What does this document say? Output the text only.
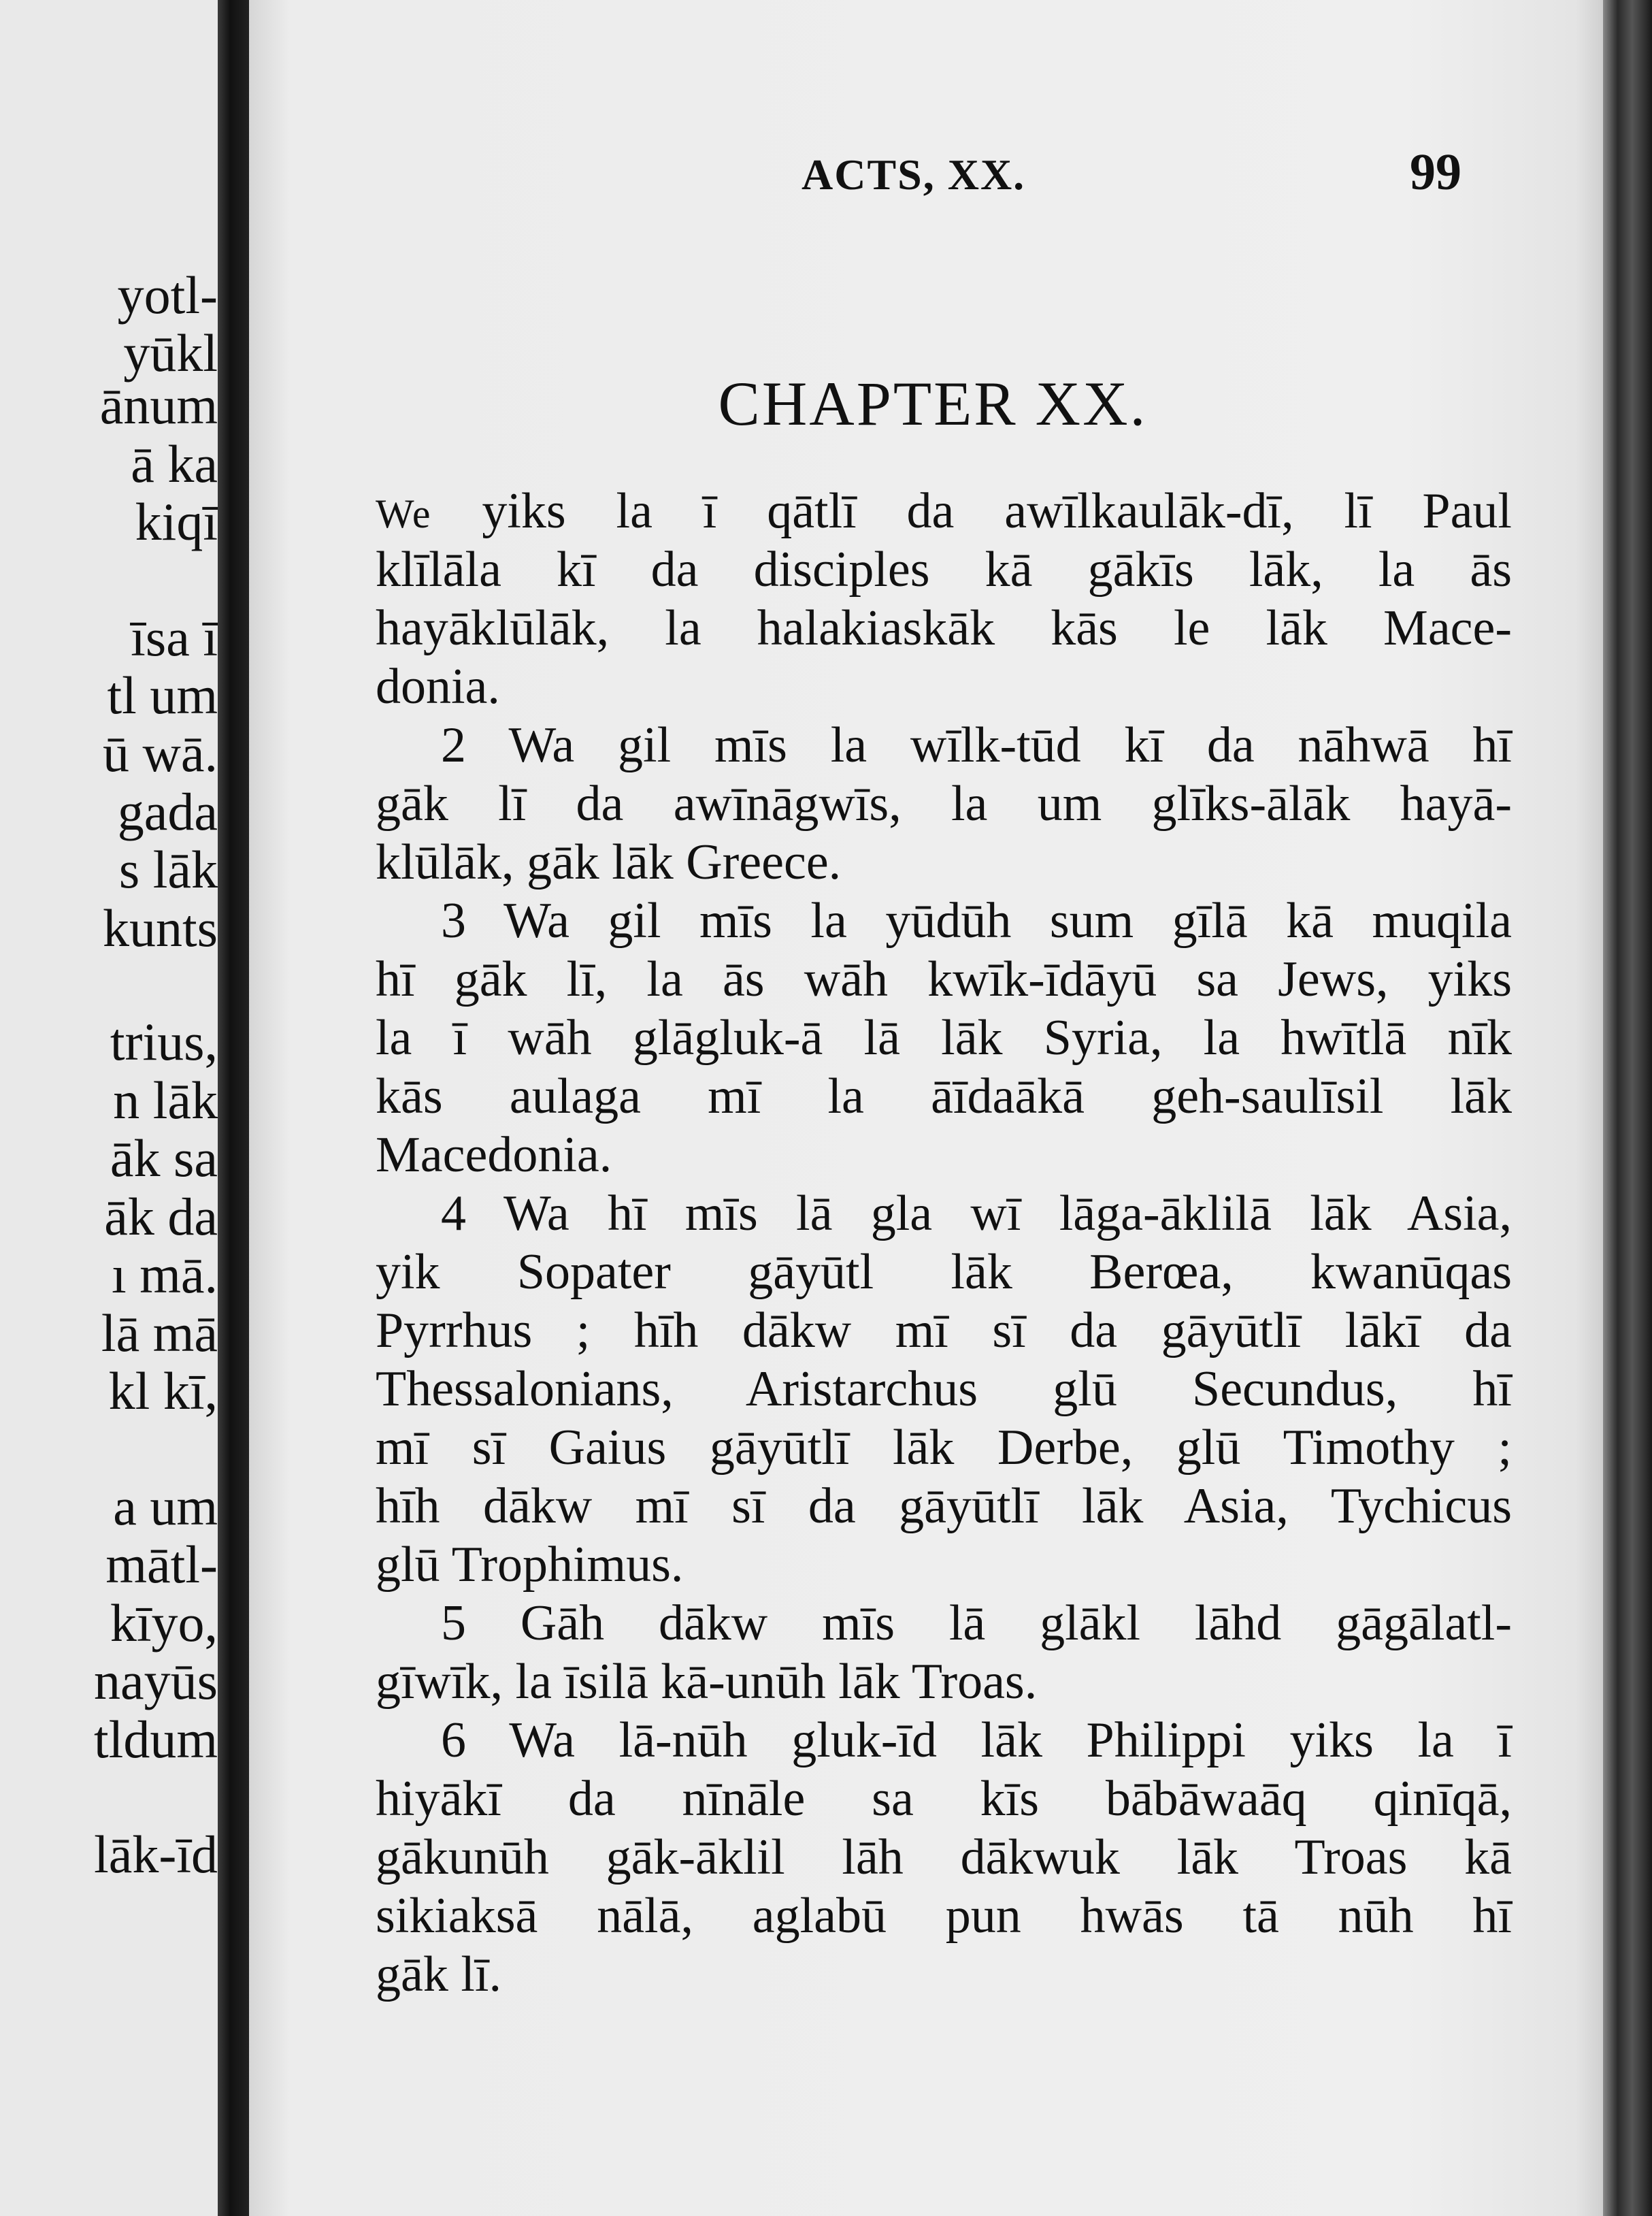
yotl-
yūkl
ānum
ā ka
kiqī
īsa ī
tl um
ū wā.
gada
s lāk
kunts
trius,
n lāk
āk sa
āk da
ı mā.
lā mā
kl kī,
a um
mātl-
kīyo,
nayūs
tldum
lāk-īd
ACTS, XX.	99
CHAPTER XX.
We yiks la ī qātlī da awīlkaulāk-dī, lī Paul
klīlāla kī da disciples kā gākīs lāk, la ās
hayāklūlāk, la halakiaskāk kās le lāk Mace-
donia.
2 Wa gil mīs la wīlk-tūd kī da nāhwā hī
gāk lī da awīnāgwīs, la um glīks-ālāk hayā-
klūlāk, gāk lāk Greece.
3 Wa gil mīs la yūdūh sum gīlā kā muqila
hī gāk lī, la ās wāh kwīk-īdāyū sa Jews, yiks
la ī wāh glāgluk-ā lā lāk Syria, la hwītlā nīk
kās aulaga mī la āīdaākā geh-saulīsil lāk
Macedonia.
4 Wa hī mīs lā gla wī lāga-āklilā lāk Asia,
yik Sopater gāyūtl lāk Berœa, kwanūqas
Pyrrhus ; hīh dākw mī sī da gāyūtlī lākī da
Thessalonians, Aristarchus glū Secundus, hī
mī sī Gaius gāyūtlī lāk Derbe, glū Timothy ;
hīh dākw mī sī da gāyūtlī lāk Asia, Tychicus
glū Trophimus.
5 Gāh dākw mīs lā glākl lāhd gāgālatl-
gīwīk, la īsilā kā-unūh lāk Troas.
6 Wa lā-nūh gluk-īd lāk Philippi yiks la ī
hiyākī da nīnāle sa kīs bābāwaāq qinīqā,
gākunūh gāk-āklil lāh dākwuk lāk Troas kā
sikiaksā nālā, aglabū pun hwās tā nūh hī
gāk lī.
